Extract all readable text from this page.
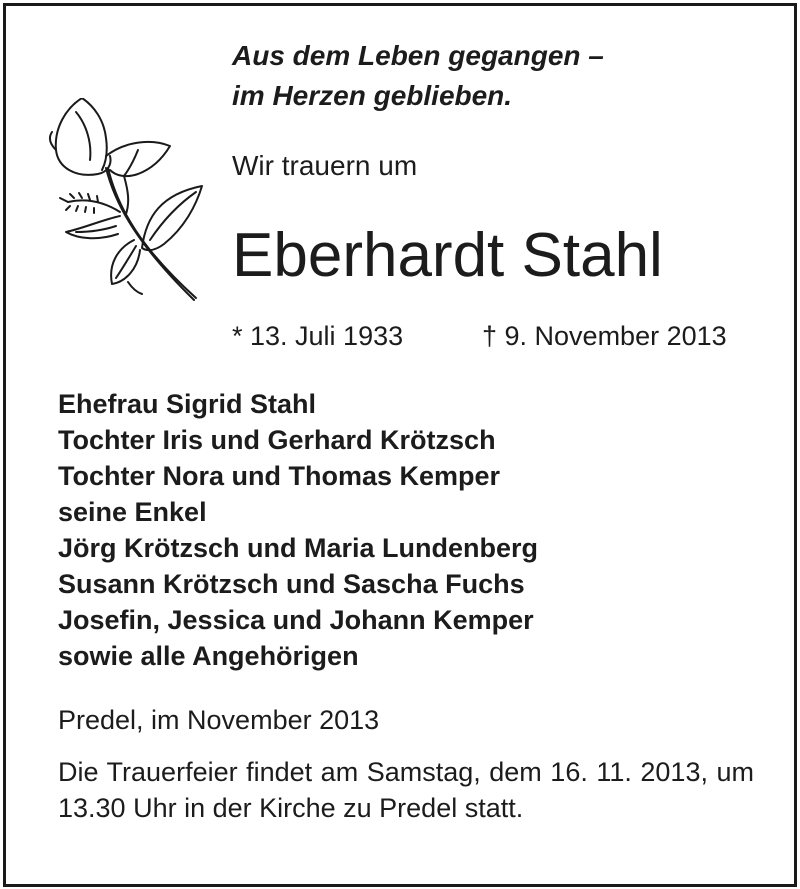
Aus dem Leben gegangen –
im Herzen geblieben.
Wir trauern um
Eberhardt Stahl
* 13. Juli 1933	† 9. November 2013
Ehefrau Sigrid Stahl
Tochter Iris und Gerhard Krötzsch
Tochter Nora und Thomas Kemper
seine Enkel
Jörg Krötzsch und Maria Lundenberg
Susann Krötzsch und Sascha Fuchs
Josefin, Jessica und Johann Kemper
sowie alle Angehörigen
Predel, im November 2013
Die Trauerfeier findet am Samstag, dem 16. 11. 2013, um 13.30 Uhr in der Kirche zu Predel statt.
